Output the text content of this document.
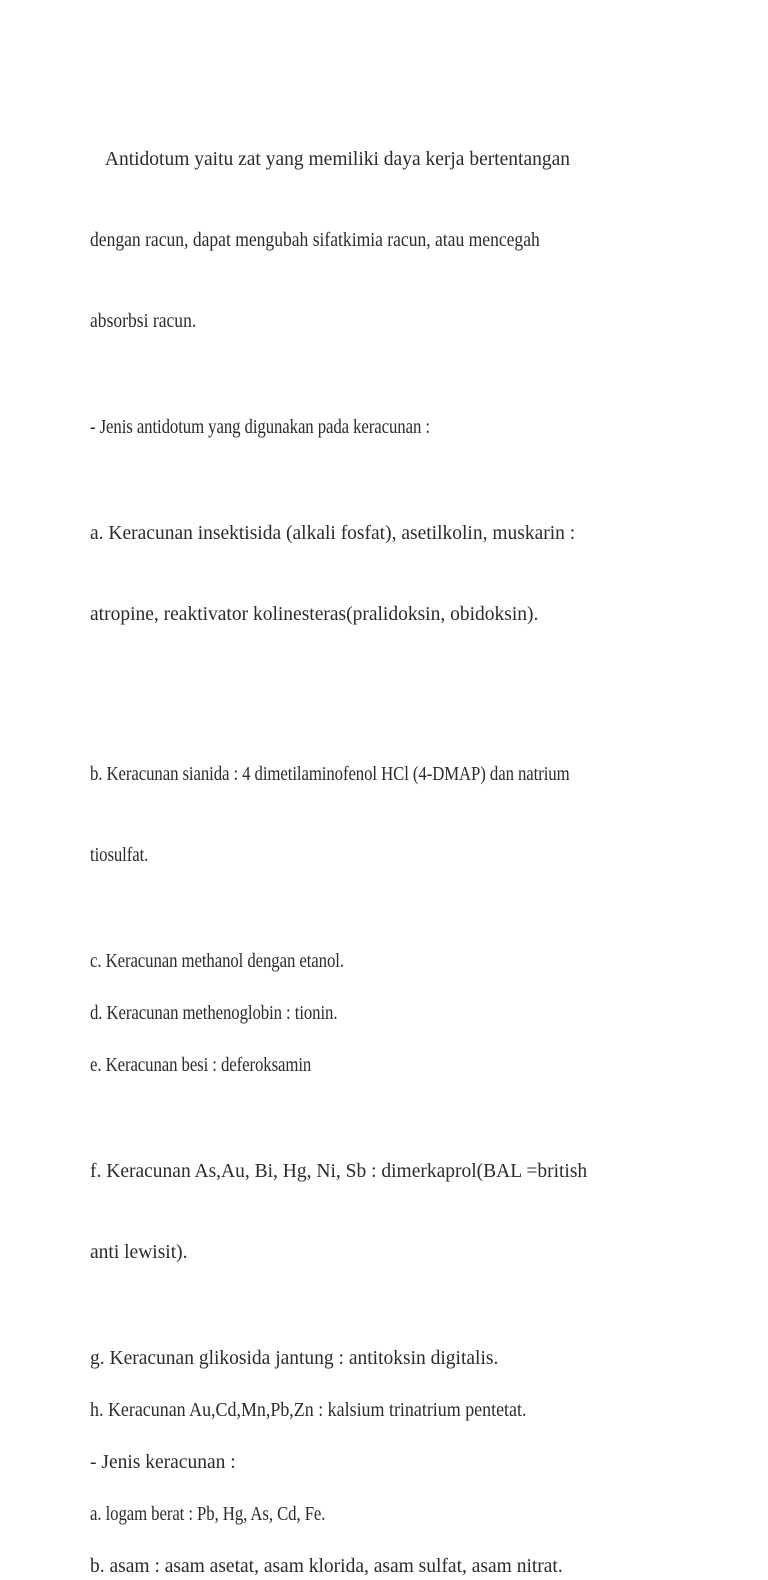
Antidotum yaitu zat yang memiliki daya kerja bertentangan

dengan racun, dapat mengubah sifatkimia racun, atau mencegah

absorbsi racun.

- Jenis antidotum yang digunakan pada keracunan :

a. Keracunan insektisida (alkali fosfat), asetilkolin, muskarin :

atropine, reaktivator kolinesteras(pralidoksin, obidoksin).

b. Keracunan sianida : 4 dimetilaminofenol HCl (4-DMAP) dan natrium

tiosulfat.

c. Keracunan methanol dengan etanol.

d. Keracunan methenoglobin : tionin.

e. Keracunan besi : deferoksamin

f. Keracunan As,Au, Bi, Hg, Ni, Sb : dimerkaprol(BAL =british

anti lewisit).

g. Keracunan glikosida jantung : antitoksin digitalis.

h. Keracunan Au,Cd,Mn,Pb,Zn : kalsium trinatrium pentetat.

- Jenis keracunan :

a. logam berat : Pb, Hg, As, Cd, Fe.

b. asam : asam asetat, asam klorida, asam sulfat, asam nitrat.
